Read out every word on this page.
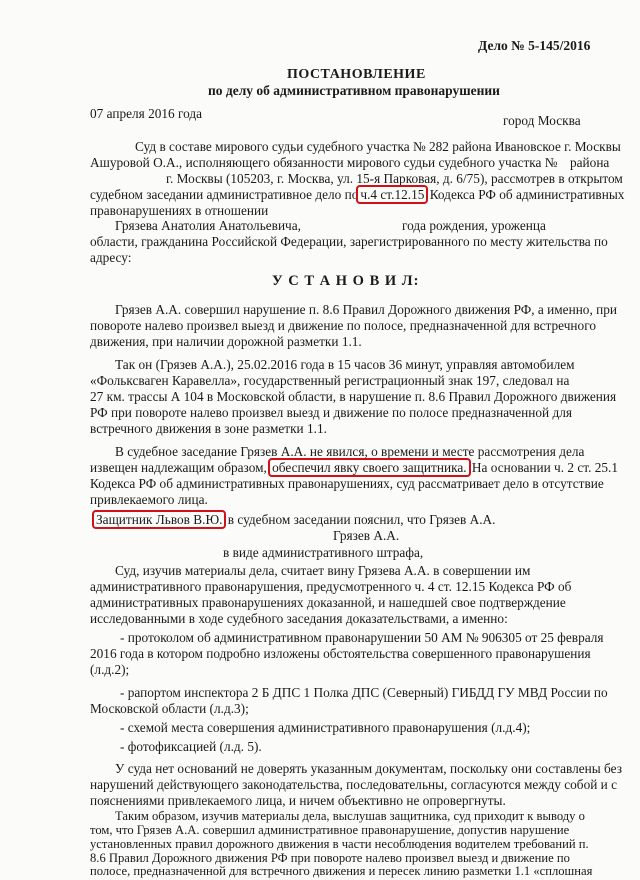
Дело № 5-145/2016
ПОСТАНОВЛЕНИЕ
по делу об административном правонарушении
07 апреля 2016 года	город Москва
Суд в составе мирового судьи судебного участка № 282 района Ивановское г. Москвы
Ашуровой О.А., исполняющего обязанности мирового судьи судебного участка № района
г. Москвы (105203, г. Москва, ул. 15-я Парковая, д. 6/75), рассмотрев в открытом
судебном заседании административное дело по ч.4 ст.12.15 Кодекса РФ об административных
правонарушениях в отношении
Грязева Анатолия Анатольевича,	года рождения, уроженца
области, гражданина Российской Федерации, зарегистрированного по месту жительства по
адресу:
У С Т А Н О В И Л:
Грязев А.А. совершил нарушение п. 8.6 Правил Дорожного движения РФ, а именно, при
повороте налево произвел выезд и движение по полосе, предназначенной для встречного
движения, при наличии дорожной разметки 1.1.
Так он (Грязев А.А.), 25.02.2016 года в 15 часов 36 минут, управляя автомобилем
«Фольксваген Каравелла», государственный регистрационный знак 197, следовал на
27 км. трассы А 104 в Московской области, в нарушение п. 8.6 Правил Дорожного движения
РФ при повороте налево произвел выезд и движение по полосе предназначенной для
встречного движения в зоне разметки 1.1.
В судебное заседание Грязев А.А. не явился, о времени и месте рассмотрения дела
извещен надлежащим образом, обеспечил явку своего защитника. На основании ч. 2 ст. 25.1
Кодекса РФ об административных правонарушениях, суд рассматривает дело в отсутствие
привлекаемого лица.
Защитник Львов В.Ю. в судебном заседании пояснил, что Грязев А.А.
Грязев А.А.
в виде административного штрафа,
Суд, изучив материалы дела, считает вину Грязева А.А. в совершении им
административного правонарушения, предусмотренного ч. 4 ст. 12.15 Кодекса РФ об
административных правонарушениях доказанной, и нашедшей свое подтверждение
исследованными в ходе судебного заседания доказательствами, а именно:
- протоколом об административном правонарушении 50 АМ № 906305 от 25 февраля
2016 года в котором подробно изложены обстоятельства совершенного правонарушения
(л.д.2);
- рапортом инспектора 2 Б ДПС 1 Полка ДПС (Северный) ГИБДД ГУ МВД России по
Московской области (л.д.3);
- схемой места совершения административного правонарушения (л.д.4);
- фотофиксацией (л.д. 5).
У суда нет оснований не доверять указанным документам, поскольку они составлены без
нарушений действующего законодательства, последовательны, согласуются между собой и с
пояснениями привлекаемого лица, и ничем объективно не опровергнуты.
Таким образом, изучив материалы дела, выслушав защитника, суд приходит к выводу о
том, что Грязев А.А. совершил административное правонарушение, допустив нарушение
установленных правил дорожного движения в части несоблюдения водителем требований п.
8.6 Правил Дорожного движения РФ при повороте налево произвел выезд и движение по
полосе, предназначенной для встречного движения и пересек линию разметки 1.1 «сплошная
